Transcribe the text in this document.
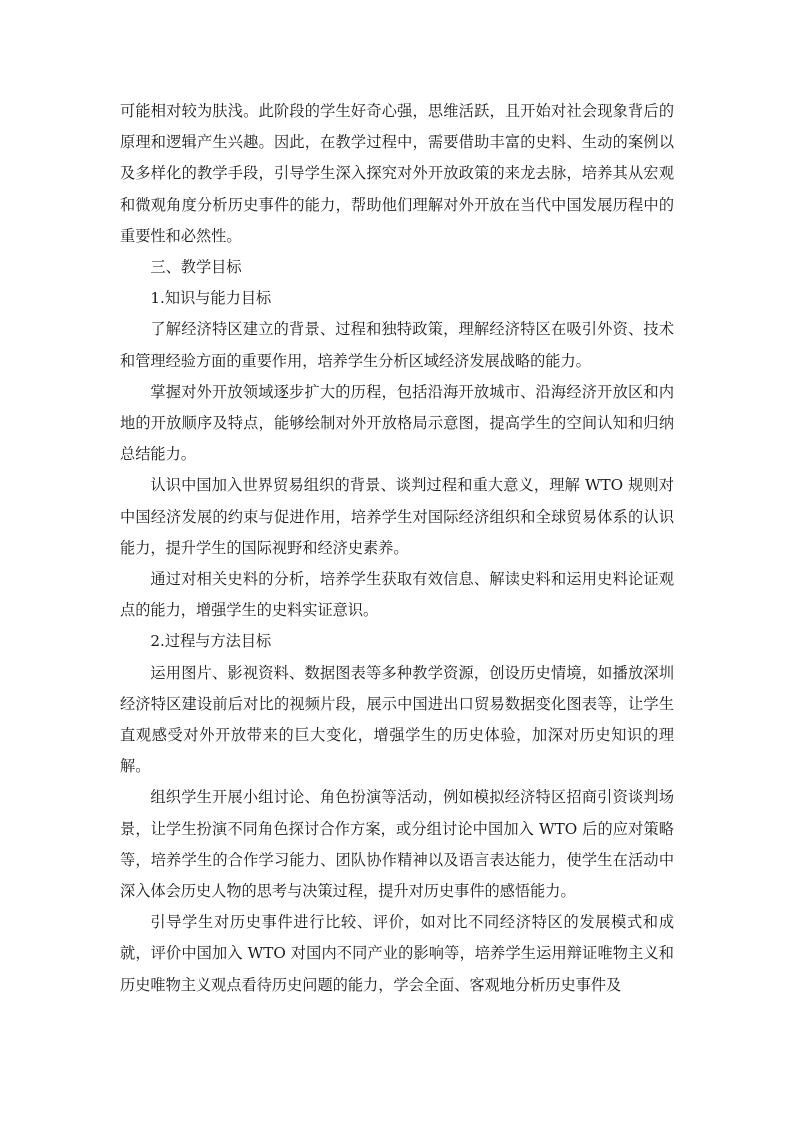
可能相对较为肤浅。此阶段的学生好奇心强，思维活跃，且开始对社会现象背后的原理和逻辑产生兴趣。因此，在教学过程中，需要借助丰富的史料、生动的案例以及多样化的教学手段，引导学生深入探究对外开放政策的来龙去脉，培养其从宏观和微观角度分析历史事件的能力，帮助他们理解对外开放在当代中国发展历程中的重要性和必然性。

三、教学目标

1.知识与能力目标

了解经济特区建立的背景、过程和独特政策，理解经济特区在吸引外资、技术和管理经验方面的重要作用，培养学生分析区域经济发展战略的能力。

掌握对外开放领域逐步扩大的历程，包括沿海开放城市、沿海经济开放区和内地的开放顺序及特点，能够绘制对外开放格局示意图，提高学生的空间认知和归纳总结能力。

认识中国加入世界贸易组织的背景、谈判过程和重大意义，理解 WTO 规则对中国经济发展的约束与促进作用，培养学生对国际经济组织和全球贸易体系的认识能力，提升学生的国际视野和经济史素养。

通过对相关史料的分析，培养学生获取有效信息、解读史料和运用史料论证观点的能力，增强学生的史料实证意识。

2.过程与方法目标

运用图片、影视资料、数据图表等多种教学资源，创设历史情境，如播放深圳经济特区建设前后对比的视频片段，展示中国进出口贸易数据变化图表等，让学生直观感受对外开放带来的巨大变化，增强学生的历史体验，加深对历史知识的理解。

组织学生开展小组讨论、角色扮演等活动，例如模拟经济特区招商引资谈判场景，让学生扮演不同角色探讨合作方案，或分组讨论中国加入 WTO 后的应对策略等，培养学生的合作学习能力、团队协作精神以及语言表达能力，使学生在活动中深入体会历史人物的思考与决策过程，提升对历史事件的感悟能力。

引导学生对历史事件进行比较、评价，如对比不同经济特区的发展模式和成就，评价中国加入 WTO 对国内不同产业的影响等，培养学生运用辩证唯物主义和历史唯物主义观点看待历史问题的能力，学会全面、客观地分析历史事件及
